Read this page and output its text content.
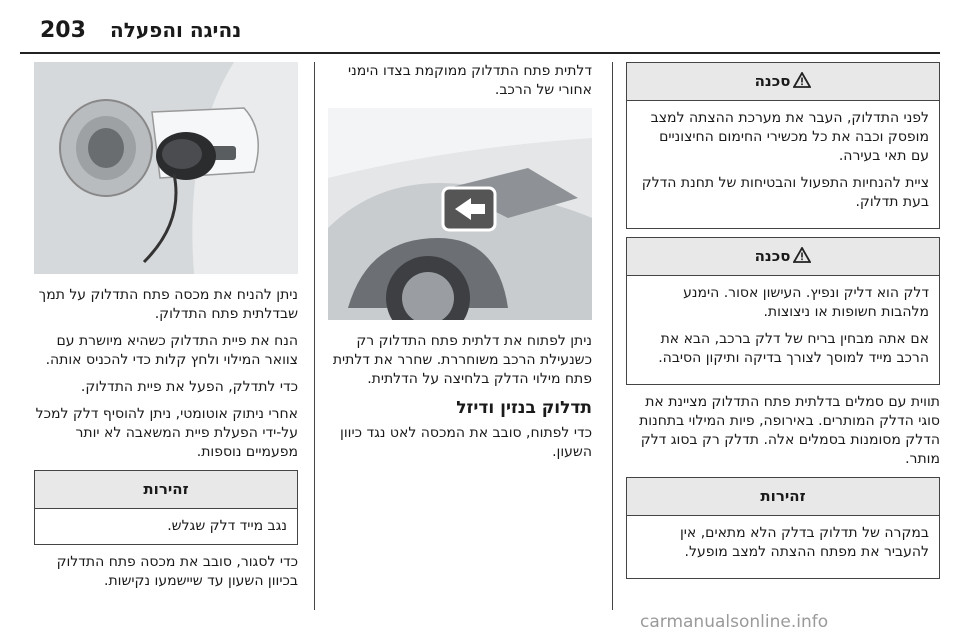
203 נהיגה והפעלה
סכנה

לפני התדלוק, העבר את מערכת ההצתה למצב מופסק וכבה את כל מכשירי החימום החיצוניים עם תאי בעירה.

ציית להנחיות התפעול והבטיחות של תחנת הדלק בעת תדלוק.

סכנה

דלק הוא דליק ונפיץ. העישון אסור. הימנע מלהבות חשופות או ניצוצות.

אם אתה מבחין בריח של דלק ברכב, הבא את הרכב מייד למוסך לצורך בדיקה ותיקון הסיבה.

תווית עם סמלים בדלתית פתח התדלוק מציינת את סוגי הדלק המותרים. באירופה, פיות המילוי בתחנות הדלק מסומנות בסמלים אלה. תדלק רק בסוג דלק מותר.

זהירות

במקרה של תדלוק בדלק הלא מתאים, אין להעביר את מפתח ההצתה למצב מופעל.

דלתית פתח התדלוק ממוקמת בצדו הימני אחורי של הרכב.

ניתן לפתוח את דלתית פתח התדלוק רק כשנעילת הרכב משוחררת. שחרר את דלתית פתח מילוי הדלק בלחיצה על הדלתית.

תדלוק בנזין ודיזל

כדי לפתוח, סובב את המכסה לאט נגד כיוון השעון.

ניתן להניח את מכסה פתח התדלוק על תמך שבדלתית פתח התדלוק.

הנח את פיית התדלוק כשהיא מיושרת עם צוואר המילוי ולחץ קלות כדי להכניס אותה.

כדי לתדלק, הפעל את פיית התדלוק.

אחרי ניתוק אוטומטי, ניתן להוסיף דלק למכל על-ידי הפעלת פיית המשאבה לא יותר מפעמיים נוספות.

זהירות

נגב מייד דלק שגלש.

כדי לסגור, סובב את מכסה פתח התדלוק בכיוון השעון עד שיישמעו נקישות.

carmanualsonline.info
